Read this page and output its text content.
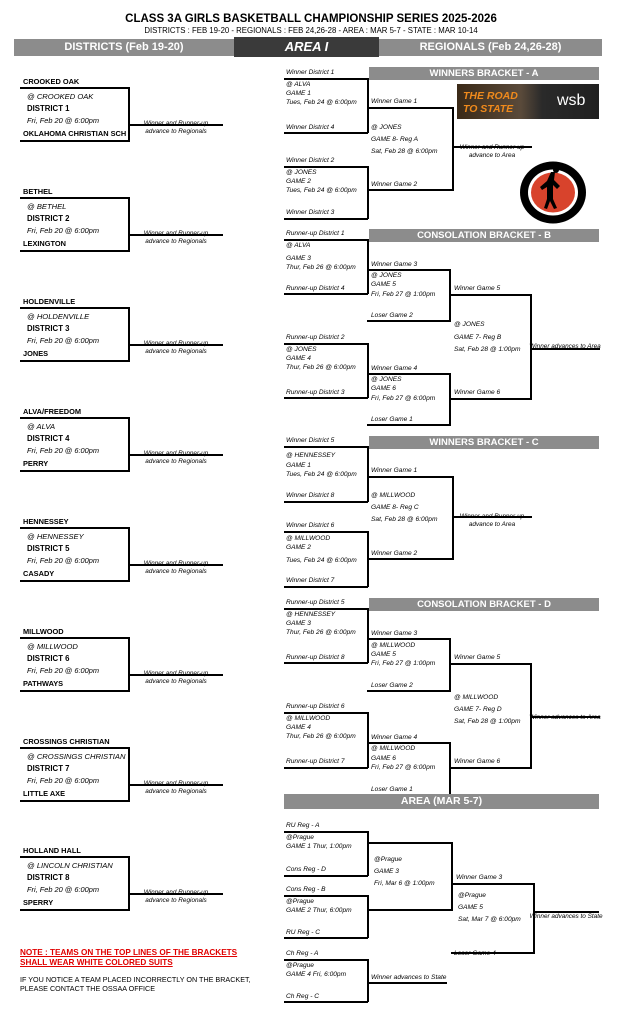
CLASS 3A GIRLS BASKETBALL CHAMPIONSHIP SERIES 2025-2026
DISTRICTS : FEB 19-20 - REGIONALS : FEB 24,26-28 - AREA : MAR 5-7 - STATE : MAR 10-14
DISTRICTS (Feb 19-20)	AREA I	REGIONALS (Feb 24,26-28)
CROOKED OAK
@ CROOKED OAK
DISTRICT 1
Fri, Feb 20 @ 6:00pm
OKLAHOMA CHRISTIAN SCH
Winner and Runner-up advance to Regionals
BETHEL
@ BETHEL
DISTRICT 2
Fri, Feb 20 @ 6:00pm
LEXINGTON
Winner and Runner-up advance to Regionals
HOLDENVILLE
@ HOLDENVILLE
DISTRICT 3
Fri, Feb 20 @ 6:00pm
JONES
Winner and Runner-up advance to Regionals
ALVA/FREEDOM
@ ALVA
DISTRICT 4
Fri, Feb 20 @ 6:00pm
PERRY
Winner and Runner-up advance to Regionals
HENNESSEY
@ HENNESSEY
DISTRICT 5
Fri, Feb 20 @ 6:00pm
CASADY
Winner and Runner-up advance to Regionals
MILLWOOD
@ MILLWOOD
DISTRICT 6
Fri, Feb 20 @ 6:00pm
PATHWAYS
Winner and Runner-up advance to Regionals
CROSSINGS CHRISTIAN
@ CROSSINGS CHRISTIAN
DISTRICT 7
Fri, Feb 20 @ 6:00pm
LITTLE AXE
Winner and Runner-up advance to Regionals
HOLLAND HALL
@ LINCOLN CHRISTIAN
DISTRICT 8
Fri, Feb 20 @ 6:00pm
SPERRY
Winner and Runner-up advance to Regionals
WINNERS BRACKET - A
Winner District 1
@ ALVA
GAME 1
Tues, Feb 24 @ 6:00pm
Winner District 4
Winner Game 1
@ JONES
GAME 8- Reg A
Sat, Feb 28 @ 6:00pm
Winner and Runner-up advance to Area
Winner District 2
@ JONES
GAME 2
Tues, Feb 24 @ 6:00pm
Winner District 3
Winner Game 2
THE ROAD
TO STATE	wsb
CONSOLATION BRACKET - B
Runner-up District 1
@ ALVA
GAME 3
Thur, Feb 26 @ 6:00pm
Runner-up District 4
Winner Game 3
@ JONES
GAME 5
Fri, Feb 27 @ 1:00pm
Loser Game 2
Winner Game 5
@ JONES
GAME 7- Reg B
Sat, Feb 28 @ 1:00pm	Winner advances to Area
Runner-up District 2
@ JONES
GAME 4
Thur, Feb 26 @ 6:00pm
Runner-up District 3
Winner Game 4
@ JONES
GAME 6
Fri, Feb 27 @ 6:00pm
Loser Game 1
Winner Game 6
WINNERS BRACKET - C
Winner District 5
@ HENNESSEY
GAME 1
Tues, Feb 24 @ 6:00pm
Winner District 8
Winner Game 1
@ MILLWOOD
GAME 8- Reg C
Sat, Feb 28 @ 6:00pm	Winner and Runner-up advance to Area
Winner District 6
@ MILLWOOD
GAME 2
Tues, Feb 24 @ 6:00pm
Winner District 7
Winner Game 2
CONSOLATION BRACKET - D
Runner-up District 5
@ HENNESSEY
GAME 3
Thur, Feb 26 @ 6:00pm
Runner-up District 8
Winner Game 3
@ MILLWOOD
GAME 5
Fri, Feb 27 @ 1:00pm
Loser Game 2
Winner Game 5
@ MILLWOOD
GAME 7- Reg D
Sat, Feb 28 @ 1:00pm
Winner advances to Area
Runner-up District 6
@ MILLWOOD
GAME 4
Thur, Feb 26 @ 6:00pm
Runner-up District 7
Winner Game 4
@ MILLWOOD
GAME 6
Fri, Feb 27 @ 6:00pm
Loser Game 1
Winner Game 6
AREA (MAR 5-7)
RU Reg - A
@Prague
GAME 1 Thur, 1:00pm
Cons Reg - D
@Prague
GAME 3
Fri, Mar 6 @ 1:00pm
Cons Reg - B
@Prague
GAME 2 Thur, 6:00pm
RU Reg - C
Winner Game 3
@Prague
GAME 5
Sat, Mar 7 @ 6:00pm	Winner advances to State
Loser Game 4
Ch Reg - A
@Prague
GAME 4 Fri, 6:00pm
Ch Reg - C
Winner advances to State
NOTE : TEAMS ON THE TOP LINES OF THE BRACKETS
SHALL WEAR WHITE COLORED SUITS
IF YOU NOTICE A TEAM PLACED INCORRECTLY ON THE BRACKET,
PLEASE CONTACT THE OSSAA OFFICE
